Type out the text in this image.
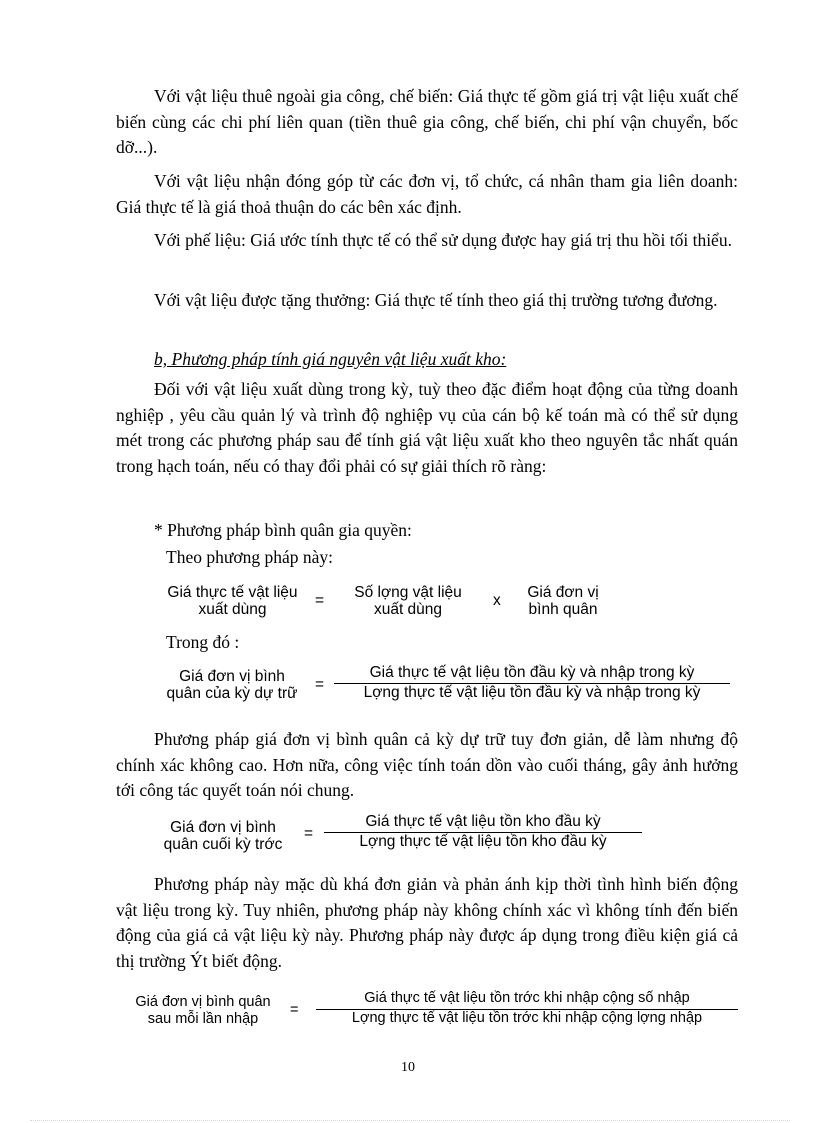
Với vật liệu thuê ngoài gia công, chế biến: Giá thực tế gồm giá trị vật liệu xuất chế biến cùng các chi phí liên quan (tiền thuê gia công, chế biến, chi phí vận chuyển, bốc dỡ...).

Với vật liệu nhận đóng góp từ các đơn vị, tổ chức, cá nhân tham gia liên doanh: Giá thực tế là giá thoả thuận do các bên xác định.

Với phế liệu: Giá ước tính thực tế có thể sử dụng được hay giá trị thu hồi tối thiểu.

Với vật liệu được tặng thưởng: Giá thực tế tính theo giá thị trường tương đương.

b, Phương pháp tính giá nguyên vật liệu xuất kho:

Đối với vật liệu xuất dùng trong kỳ, tuỳ theo đặc điểm hoạt động của từng doanh nghiệp , yêu cầu quản lý và trình độ nghiệp vụ của cán bộ kế toán mà có thể sử dụng mét trong các phương pháp sau để tính giá vật liệu xuất kho theo nguyên tắc nhất quán trong hạch toán, nếu có thay đổi phải có sự giải thích rõ ràng:

* Phương pháp bình quân gia quyền:
Theo phương pháp này:
Giá thực tế vật liệu
xuất dùng
=	Số lợng vật liệu
xuất dùng
x	Giá đơn vị
bình quân
Trong đó :
Giá đơn vị bình
quân của kỳ dự trữ
=
Giá thực tế vật liệu tồn đầu kỳ và nhập trong kỳ
Lợng thực tế vật liệu tồn đầu kỳ và nhập trong kỳ

Phương pháp giá đơn vị bình quân cả kỳ dự trữ tuy đơn giản, dễ làm nhưng độ chính xác không cao. Hơn nữa, công việc tính toán dồn vào cuối tháng, gây ảnh hưởng tới công tác quyết toán nói chung.

Giá đơn vị bình
quân cuối kỳ trớc
=
Giá thực tế vật liệu tồn kho đầu kỳ
Lợng thực tế vật liệu tồn kho đầu kỳ

Phương pháp này mặc dù khá đơn giản và phản ánh kịp thời tình hình biến động vật liệu trong kỳ. Tuy nhiên, phương pháp này không chính xác vì không tính đến biến động của giá cả vật liệu kỳ này. Phương pháp này được áp dụng trong điều kiện giá cả thị trường Ýt biết động.

Giá đơn vị bình quân
sau mỗi lần nhập
=
Giá thực tế vật liệu tồn trớc khi nhập cộng số nhập
Lợng thực tế vật liệu tồn trớc khi nhập cộng lợng nhập
10
